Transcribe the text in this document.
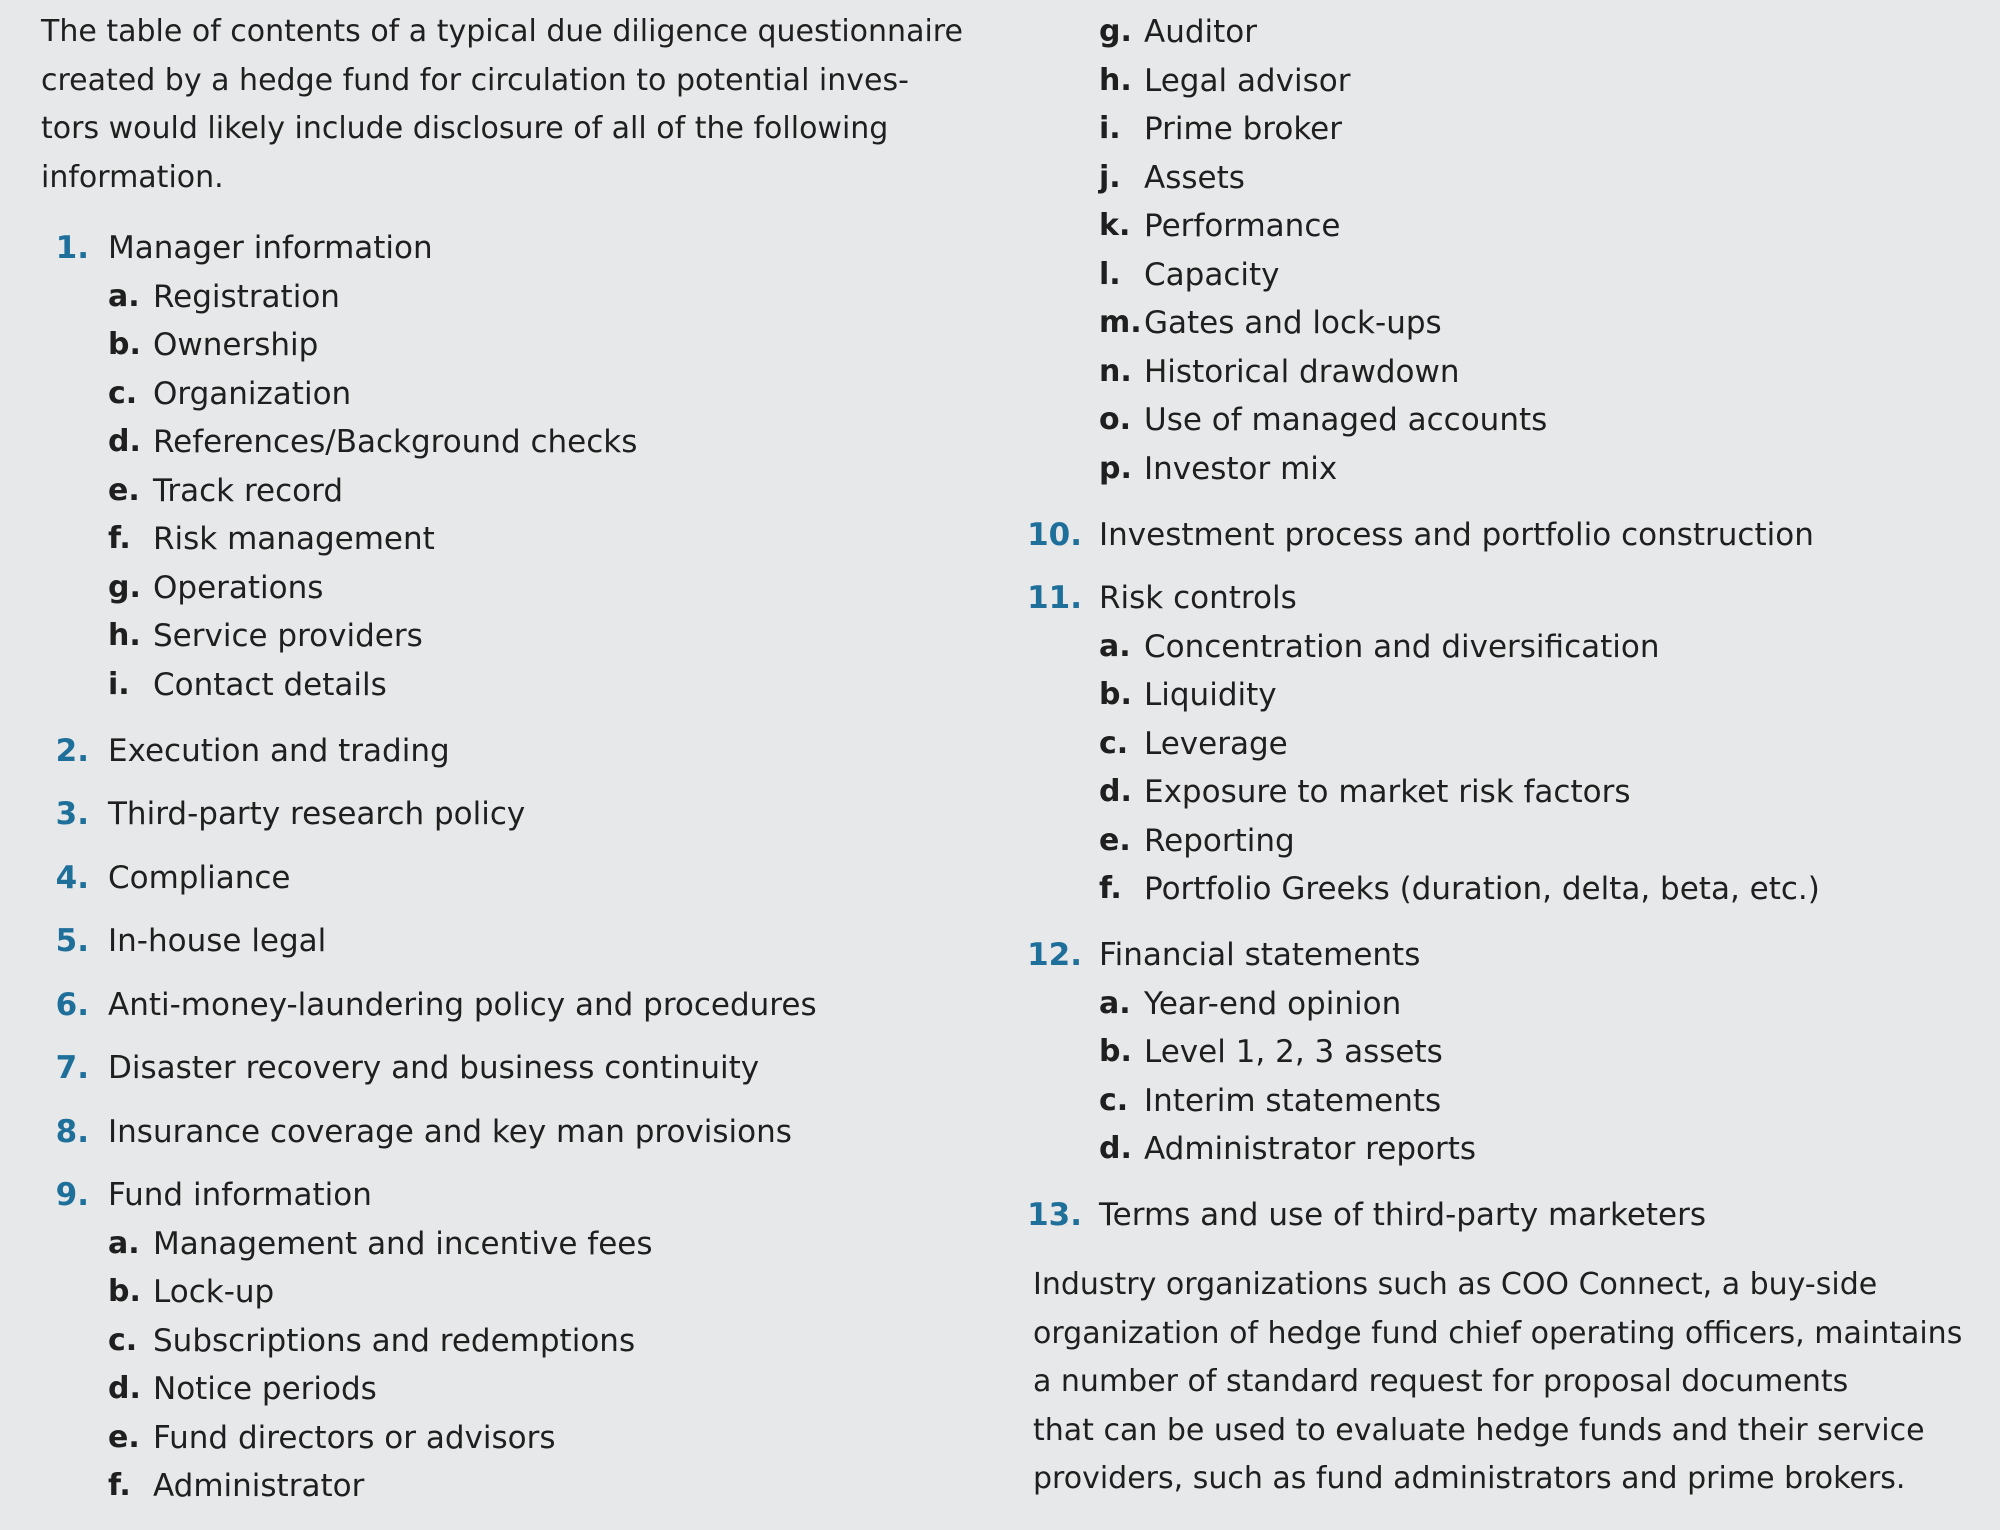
The table of contents of a typical due diligence questionnaire
created by a hedge fund for circulation to potential inves-
tors would likely include disclosure of all of the following
information.

1. Manager information
a. Registration
b. Ownership
c. Organization
d. References/Background checks
e. Track record
f. Risk management
g. Operations
h. Service providers
i. Contact details
2. Execution and trading
3. Third-party research policy
4. Compliance
5. In-house legal
6. Anti-money-laundering policy and procedures
7. Disaster recovery and business continuity
8. Insurance coverage and key man provisions
9. Fund information
a. Management and incentive fees
b. Lock-up
c. Subscriptions and redemptions
d. Notice periods
e. Fund directors or advisors
f. Administrator
g. Auditor
h. Legal advisor
i. Prime broker
j. Assets
k. Performance
l. Capacity
m. Gates and lock-ups
n. Historical drawdown
o. Use of managed accounts
p. Investor mix
10. Investment process and portfolio construction
11. Risk controls
a. Concentration and diversification
b. Liquidity
c. Leverage
d. Exposure to market risk factors
e. Reporting
f. Portfolio Greeks (duration, delta, beta, etc.)
12. Financial statements
a. Year-end opinion
b. Level 1, 2, 3 assets
c. Interim statements
d. Administrator reports
13. Terms and use of third-party marketers

Industry organizations such as COO Connect, a buy-side
organization of hedge fund chief operating officers, maintains
a number of standard request for proposal documents
that can be used to evaluate hedge funds and their service
providers, such as fund administrators and prime brokers.
